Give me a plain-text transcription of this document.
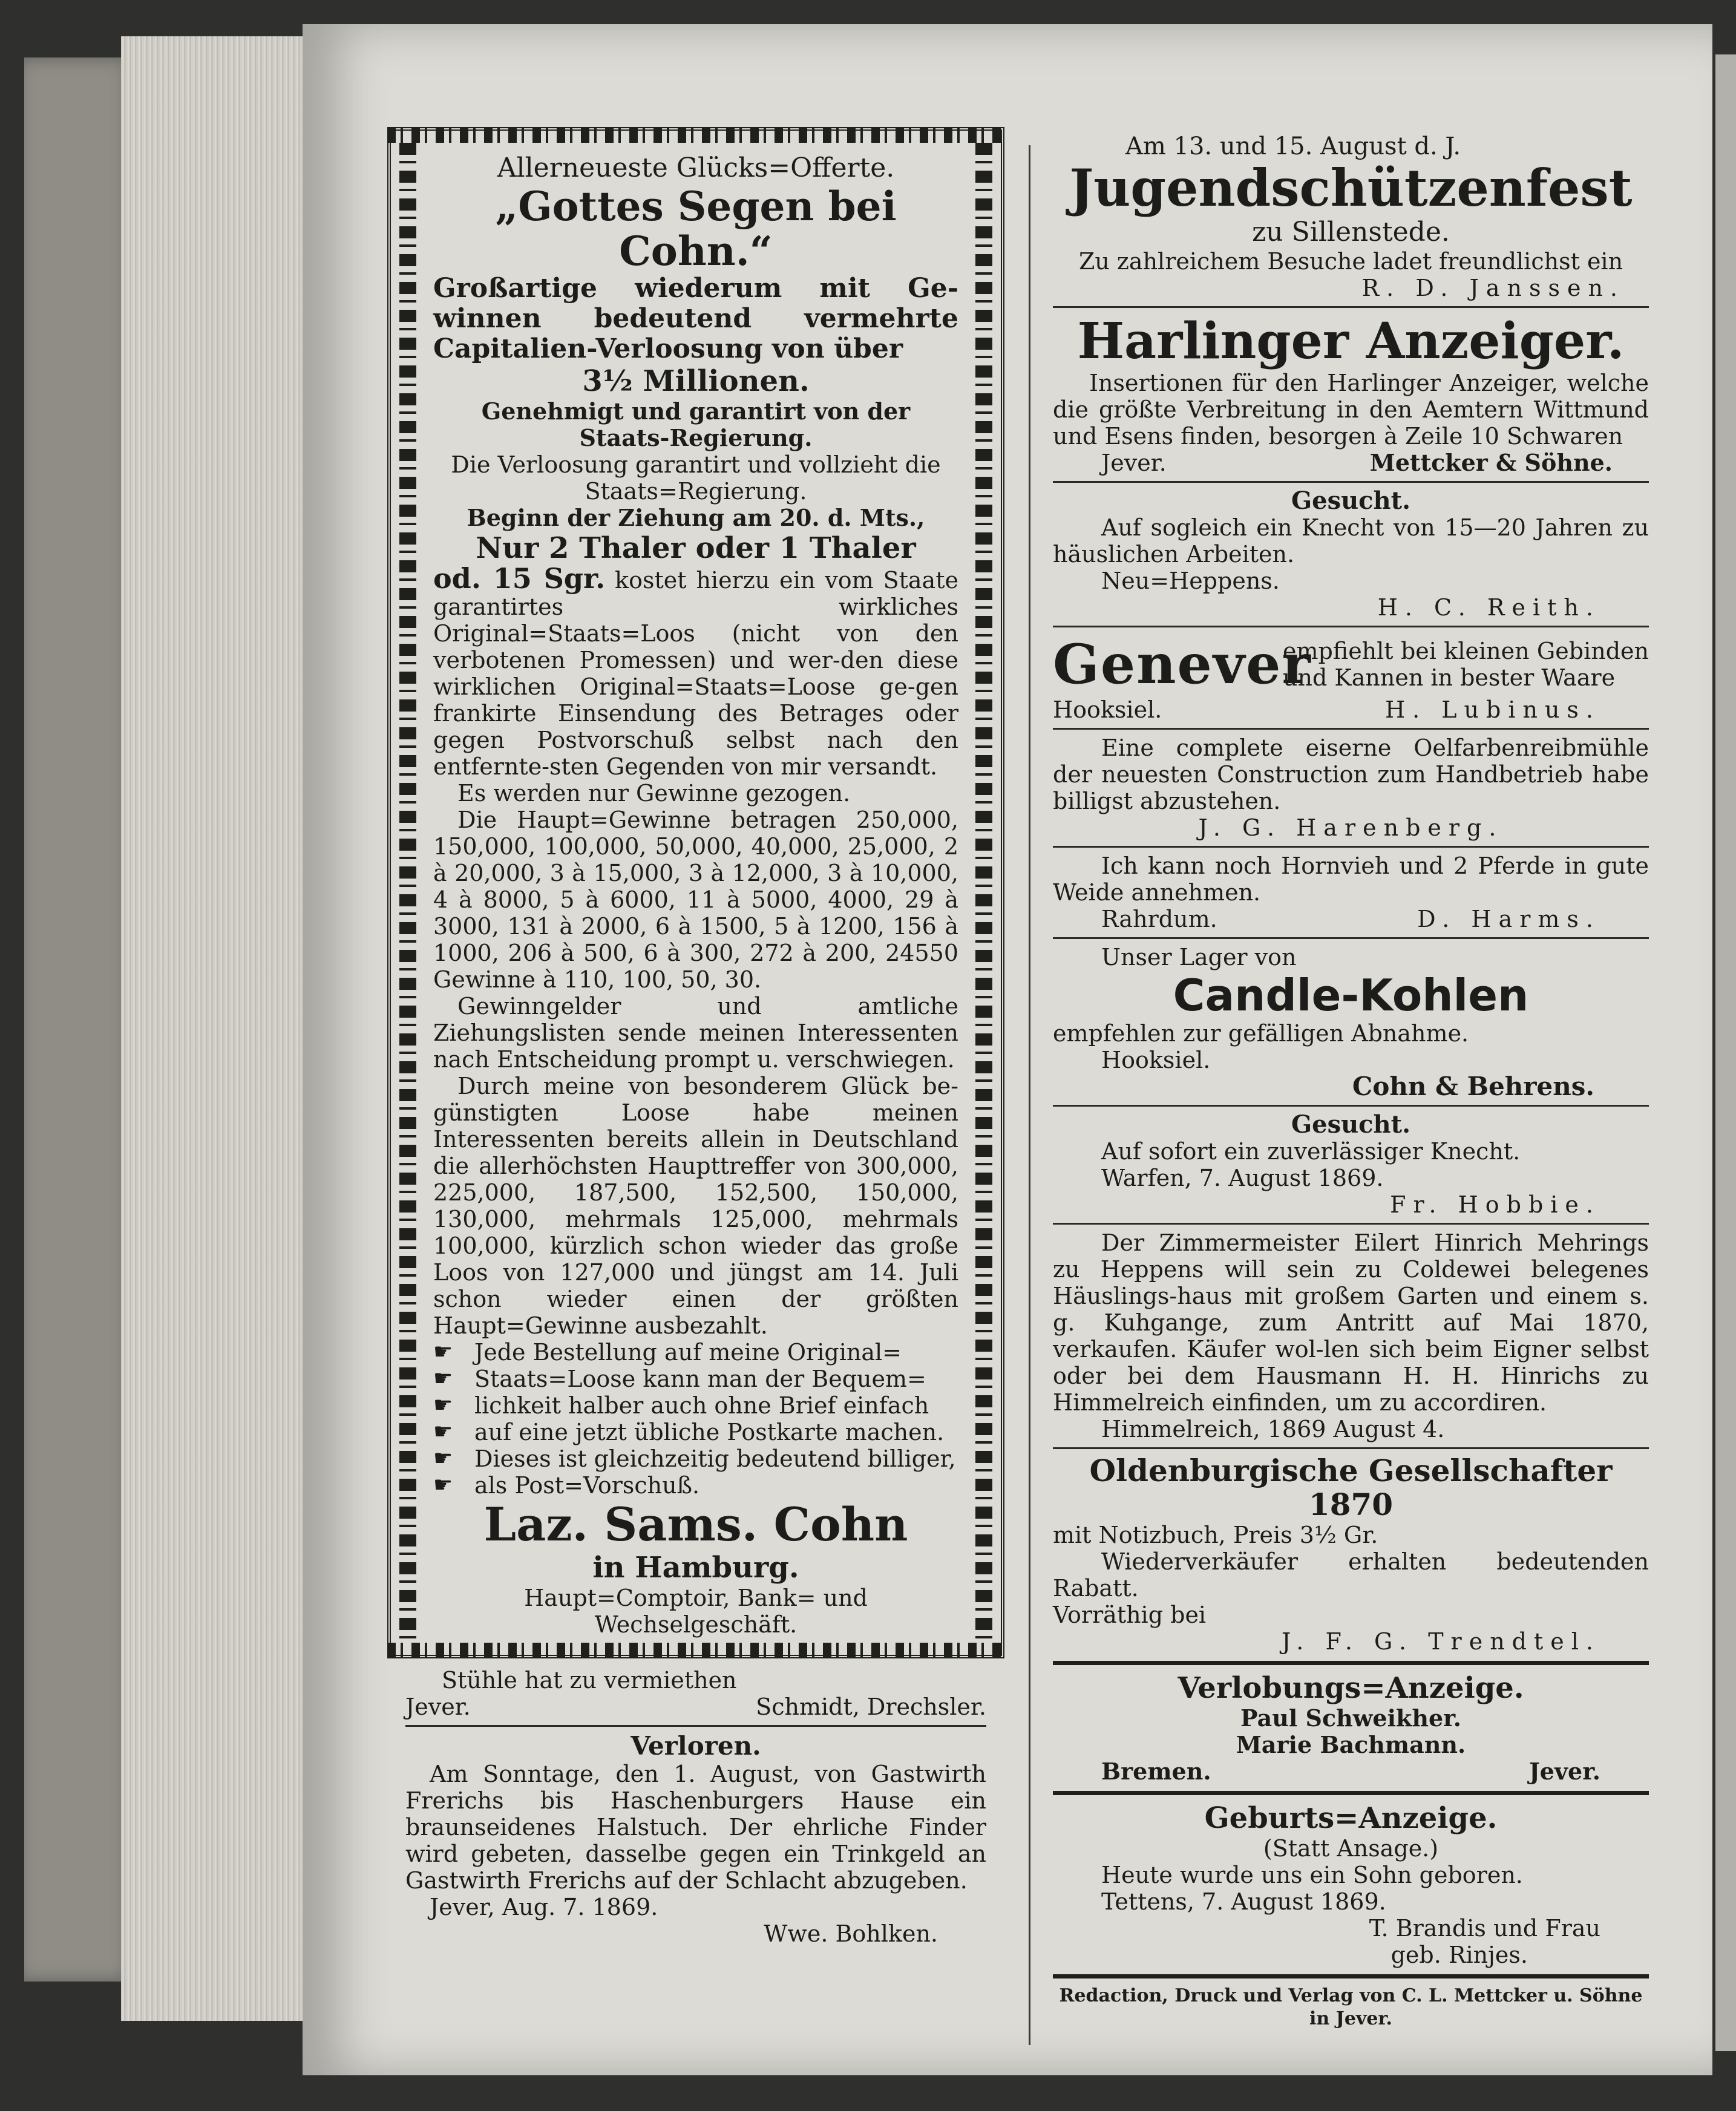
Allerneueste Glücks=Offerte.
„Gottes Segen bei Cohn.“
Großartige wiederum mit Ge-winnen bedeutend vermehrte Capitalien-Verloosung von über
3½ Millionen.
Genehmigt und garantirt von der Staats-Regierung.
Die Verloosung garantirt und vollzieht die Staats=Regierung.
Beginn der Ziehung am 20. d. Mts.,
Nur 2 Thaler oder 1 Thaler
od. 15 Sgr. kostet hierzu ein vom Staate garantirtes wirkliches Original=Staats=Loos (nicht von den verbotenen Promessen) und wer-den diese wirklichen Original=Staats=Loose ge-gen frankirte Einsendung des Betrages oder gegen Postvorschuß selbst nach den entfernte-sten Gegenden von mir versandt.
Es werden nur Gewinne gezogen.
Die Haupt=Gewinne betragen 250,000, 150,000, 100,000, 50,000, 40,000, 25,000, 2 à 20,000, 3 à 15,000, 3 à 12,000, 3 à 10,000, 4 à 8000, 5 à 6000, 11 à 5000, 4000, 29 à 3000, 131 à 2000, 6 à 1500, 5 à 1200, 156 à 1000, 206 à 500, 6 à 300, 272 à 200, 24550 Gewinne à 110, 100, 50, 30.
Gewinngelder und amtliche Ziehungslisten sende meinen Interessenten nach Entscheidung prompt u. verschwiegen.
Durch meine von besonderem Glück be-günstigten Loose habe meinen Interessenten bereits allein in Deutschland die allerhöchsten Haupttreffer von 300,000, 225,000, 187,500, 152,500, 150,000, 130,000, mehrmals 125,000, mehrmals 100,000, kürzlich schon wieder das große Loos von 127,000 und jüngst am 14. Juli schon wieder einen der größten Haupt=Gewinne ausbezahlt.
☛ Jede Bestellung auf meine Original=
☛ Staats=Loose kann man der Bequem=
☛ lichkeit halber auch ohne Brief einfach
☛ auf eine jetzt übliche Postkarte machen.
☛ Dieses ist gleichzeitig bedeutend billiger,
☛ als Post=Vorschuß.
Laz. Sams. Cohn
in Hamburg.
Haupt=Comptoir, Bank= und Wechselgeschäft.
Stühle hat zu vermiethen
Jever.	Schmidt, Drechsler.
Verloren.
Am Sonntage, den 1. August, von Gastwirth Frerichs bis Haschenburgers Hause ein braunseidenes Halstuch. Der ehrliche Finder wird gebeten, dasselbe gegen ein Trinkgeld an Gastwirth Frerichs auf der Schlacht abzugeben.
Jever, Aug. 7. 1869.
Wwe. Bohlken.
Am 13. und 15. August d. J.
Jugendschützenfest
zu Sillenstede.
Zu zahlreichem Besuche ladet freundlichst ein
R. D. Janssen.
Harlinger Anzeiger.
Insertionen für den Harlinger Anzeiger, welche die größte Verbreitung in den Aemtern Wittmund und Esens finden, besorgen à Zeile 10 Schwaren
Jever.	Mettcker & Söhne.
Gesucht.
Auf sogleich ein Knecht von 15—20 Jahren zu häuslichen Arbeiten.
Neu=Heppens.
H. C. Reith.
Genever
empfiehlt bei kleinen Gebinden und Kannen in bester Waare
Hooksiel.	H. Lubinus.
Eine complete eiserne Oelfarbenreibmühle der neuesten Construction zum Handbetrieb habe billigst abzustehen.
J. G. Harenberg.
Ich kann noch Hornvieh und 2 Pferde in gute Weide annehmen.
Rahrdum.	D. Harms.
Unser Lager von
Candle-Kohlen
empfehlen zur gefälligen Abnahme.
Hooksiel.
Cohn & Behrens.
Gesucht.
Auf sofort ein zuverlässiger Knecht.
Warfen, 7. August 1869.
Fr. Hobbie.
Der Zimmermeister Eilert Hinrich Mehrings zu Heppens will sein zu Coldewei belegenes Häuslings-haus mit großem Garten und einem s. g. Kuhgange, zum Antritt auf Mai 1870, verkaufen. Käufer wol-len sich beim Eigner selbst oder bei dem Hausmann H. H. Hinrichs zu Himmelreich einfinden, um zu accordiren.
Himmelreich, 1869 August 4.
Oldenburgische Gesellschafter 1870
mit Notizbuch, Preis 3½ Gr.
Wiederverkäufer erhalten bedeutenden Rabatt.
Vorräthig bei
J. F. G. Trendtel.
Verlobungs=Anzeige.
Paul Schweikher.
Marie Bachmann.
Bremen.	Jever.
Geburts=Anzeige.
(Statt Ansage.)
Heute wurde uns ein Sohn geboren.
Tettens, 7. August 1869.
T. Brandis und Frau
geb. Rinjes.
Redaction, Druck und Verlag von C. L. Mettcker u. Söhne in Jever.
